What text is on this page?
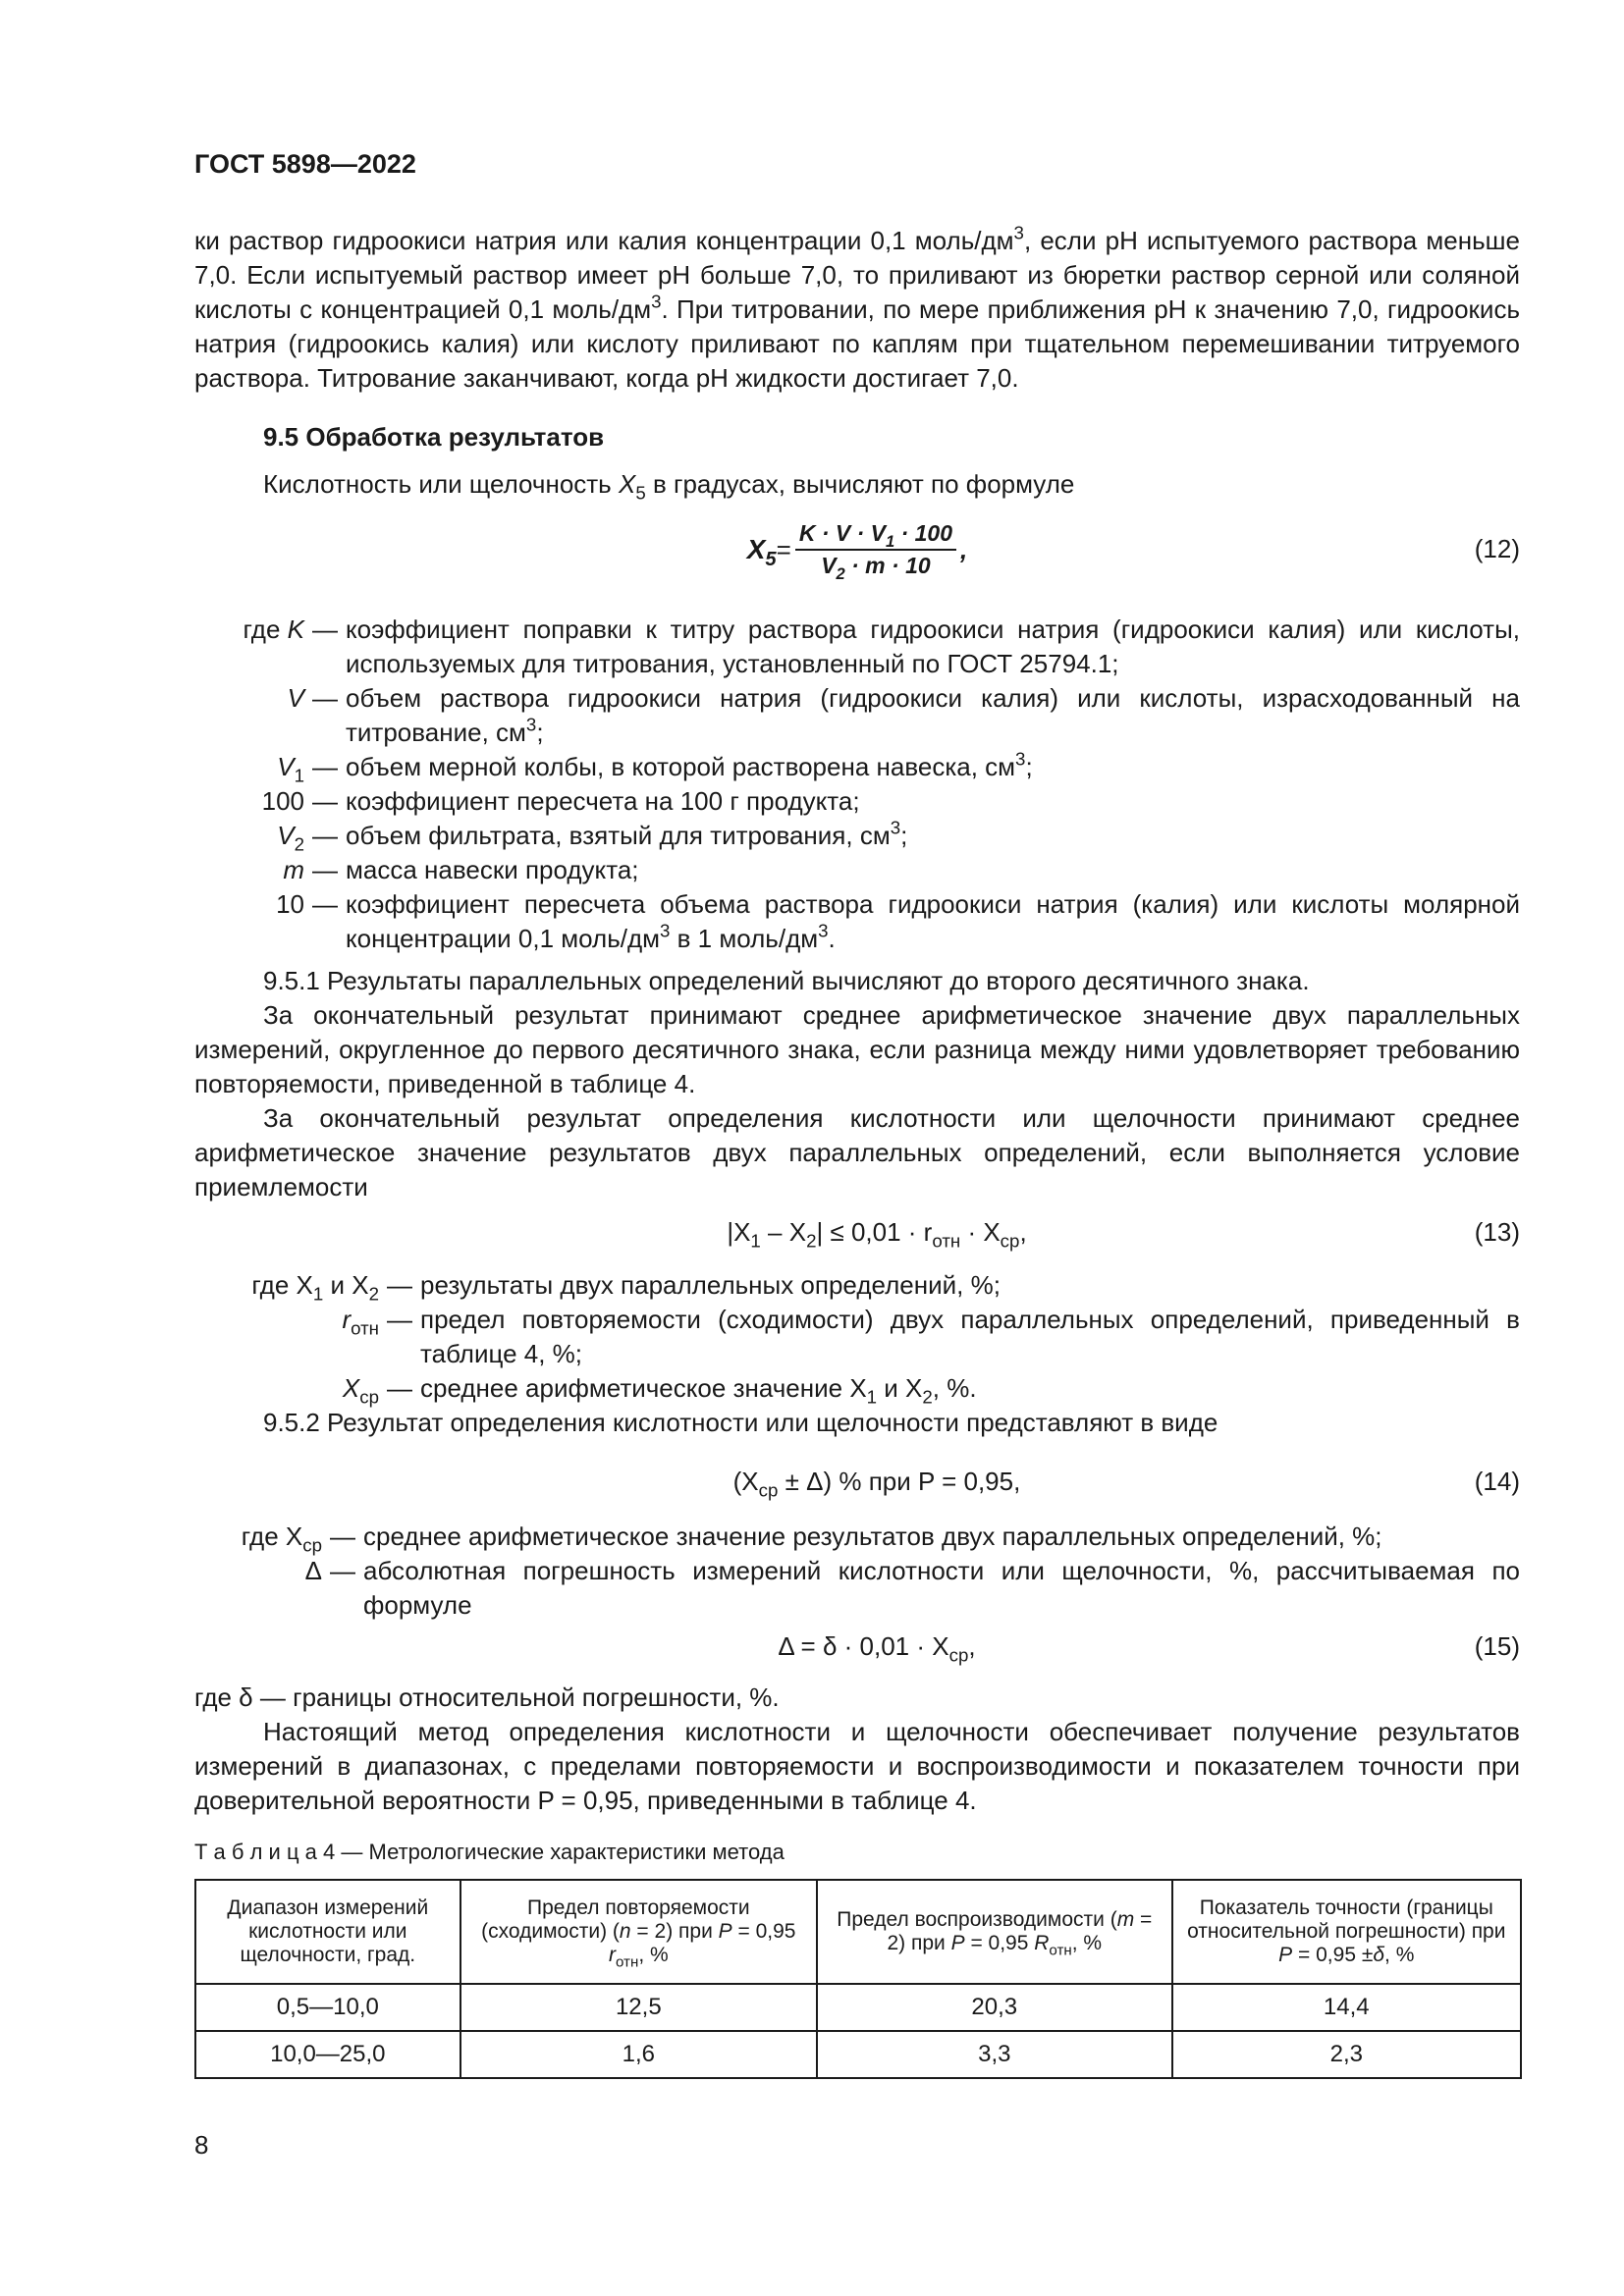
ГОСТ 5898—2022

ки раствор гидроокиси натрия или калия концентрации 0,1 моль/$дм^3$, если pH испытуемого раствора меньше 7,0. Если испытуемый раствор имеет pH больше 7,0, то приливают из бюретки раствор серной или соляной кислоты с концентрацией 0,1 моль/$дм^3$. При титровании, по мере приближения pH к значению 7,0, гидроокись натрия (гидроокись калия) или кислоту приливают по каплям при тщательном перемешивании титруемого раствора. Титрование заканчивают, когда pH жидкости достигает 7,0.

9.5 Обработка результатов
Кислотность или щелочность $X_5$ в градусах, вычисляют по формуле
$X_5 = \frac{K \cdot V \cdot V_1 \cdot 100}{V_2 \cdot m \cdot 10}$ ,	(12)
где K — коэффициент поправки к титру раствора гидроокиси натрия (гидроокиси калия) или кислоты, используемых для титрования, установленный по ГОСТ 25794.1;
V — объем раствора гидроокиси натрия (гидроокиси калия) или кислоты, израсходованный на титрование, $см^3$;
$V_1$ — объем мерной колбы, в которой растворена навеска, $см^3$;
100 — коэффициент пересчета на 100 г продукта;
$V_2$ — объем фильтрата, взятый для титрования, $см^3$;
m — масса навески продукта;
10 — коэффициент пересчета объема раствора гидроокиси натрия (калия) или кислоты молярной концентрации 0,1 моль/$дм^3$ в 1 моль/$дм^3$.

9.5.1 Результаты параллельных определений вычисляют до второго десятичного знака.

За окончательный результат принимают среднее арифметическое значение двух параллельных измерений, округленное до первого десятичного знака, если разница между ними удовлетворяет требованию повторяемости, приведенной в таблице 4.

За окончательный результат определения кислотности или щелочности принимают среднее арифметическое значение результатов двух параллельных определений, если выполняется условие приемлемости

$|X_1 - X_2| \le 0,01 \cdot r_{отн} \cdot X_{ср}$,	(13)
где $X_1$ и $X_2$ — результаты двух параллельных определений, %;
$r_{отн}$ — предел повторяемости (сходимости) двух параллельных определений, приведенный в таблице 4, %;
$X_{ср}$ — среднее арифметическое значение $X_1$ и $X_2$, %.

9.5.2 Результат определения кислотности или щелочности представляют в виде

$(X_{ср} \pm \Delta)$ % при P = 0,95,	(14)
где $X_{ср}$ — среднее арифметическое значение результатов двух параллельных определений, %;
Δ — абсолютная погрешность измерений кислотности или щелочности, %, рассчитываемая по формуле
$\Delta = \delta \cdot 0,01 \cdot X_{ср}$,	(15)

где δ — границы относительной погрешности, %.

Настоящий метод определения кислотности и щелочности обеспечивает получение результатов измерений в диапазонах, с пределами повторяемости и воспроизводимости и показателем точности при доверительной вероятности P = 0,95, приведенными в таблице 4.

Т а б л и ц а 4 — Метрологические характеристики метода
Диапазон измерений кислотности или щелочности, град.	Предел повторяемости (сходимости) (n = 2) при P = 0,95 $r_{отн}$, %	Предел воспроизводимости (m = 2) при P = 0,95 $R_{отн}$, %	Показатель точности (границы относительной погрешности) при P = 0,95 ±δ, %
0,5—10,0	12,5	20,3	14,4
10,0—25,0	1,6	3,3	2,3
8
